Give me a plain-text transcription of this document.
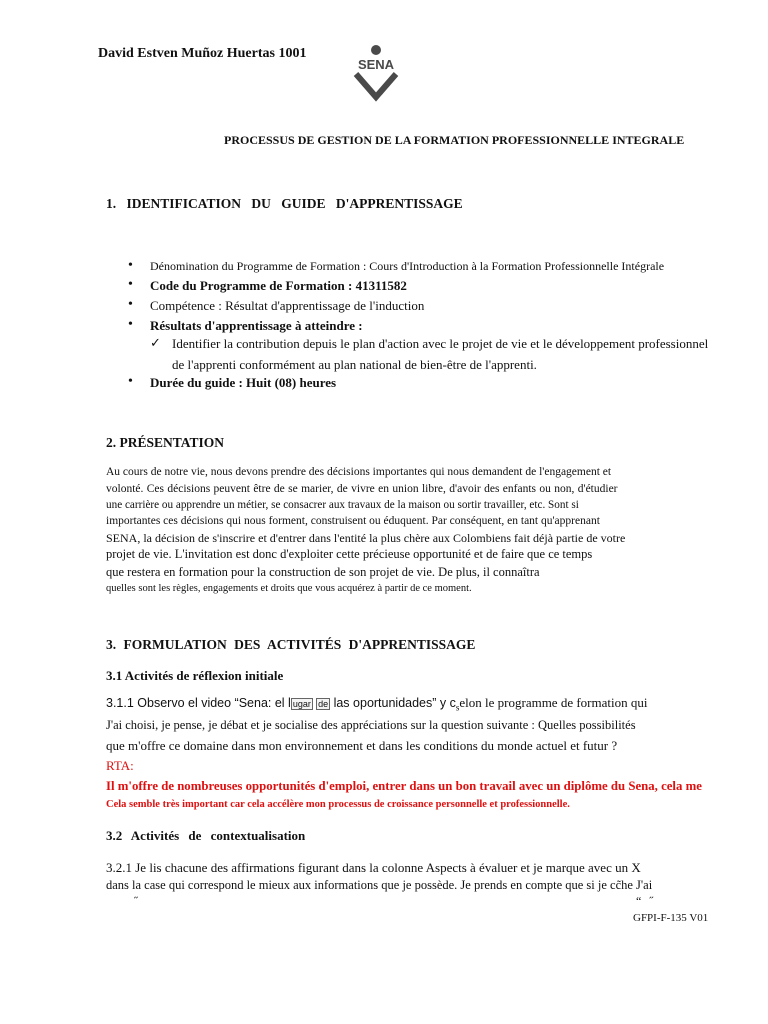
David Estven Muñoz Huertas 1001
SENA
PROCESSUS DE GESTION DE LA FORMATION PROFESSIONNELLE INTEGRALE
1. IDENTIFICATION DU GUIDE D'APPRENTISSAGE
• Dénomination du Programme de Formation : Cours d'Introduction à la Formation Professionnelle Intégrale
• Code du Programme de Formation : 41311582
• Compétence : Résultat d'apprentissage de l'induction
• Résultats d'apprentissage à atteindre :
✓ Identifier la contribution depuis le plan d'action avec le projet de vie et le développement professionnel
de l'apprenti conformément au plan national de bien-être de l'apprenti.
• Durée du guide : Huit (08) heures
2. PRÉSENTATION
Au cours de notre vie, nous devons prendre des décisions importantes qui nous demandent de l'engagement et
volonté. Ces décisions peuvent être de se marier, de vivre en union libre, d'avoir des enfants ou non, d'étudier
une carrière ou apprendre un métier, se consacrer aux travaux de la maison ou sortir travailler, etc. Sont si
importantes ces décisions qui nous forment, construisent ou éduquent. Par conséquent, en tant qu'apprenant
SENA, la décision de s'inscrire et d'entrer dans l'entité la plus chère aux Colombiens fait déjà partie de votre
projet de vie. L'invitation est donc d'exploiter cette précieuse opportunité et de faire que ce temps
que restera en formation pour la construction de son projet de vie. De plus, il connaîtra
quelles sont les règles, engagements et droits que vous acquérez à partir de ce moment.
3. FORMULATION DES ACTIVITÉS D'APPRENTISSAGE
3.1 Activités de réflexion initiale
3.1.1 Observo el video “Sena: el l ugar de las oportunidades” y $c_selon$ le programme de formation qui
J'ai choisi, je pense, je débat et je socialise des appréciations sur la question suivante : Quelles possibilités
que m'offre ce domaine dans mon environnement et dans les conditions du monde actuel et futur ?
RTA:
Il m'offre de nombreuses opportunités d'emploi, entrer dans un bon travail avec un diplôme du Sena, cela me
Cela semble très important car cela accélère mon processus de croissance personnelle et professionnelle.
3.2 Activités de contextualisation
3.2.1 Je lis chacune des affirmations figurant dans la colonne Aspects à évaluer et je marque avec un X
dans la case qui correspond le mieux aux informations que je possède. Je prends en compte que si je cc̃he J'ai
˝	“˝
GFPI-F-135 V01
